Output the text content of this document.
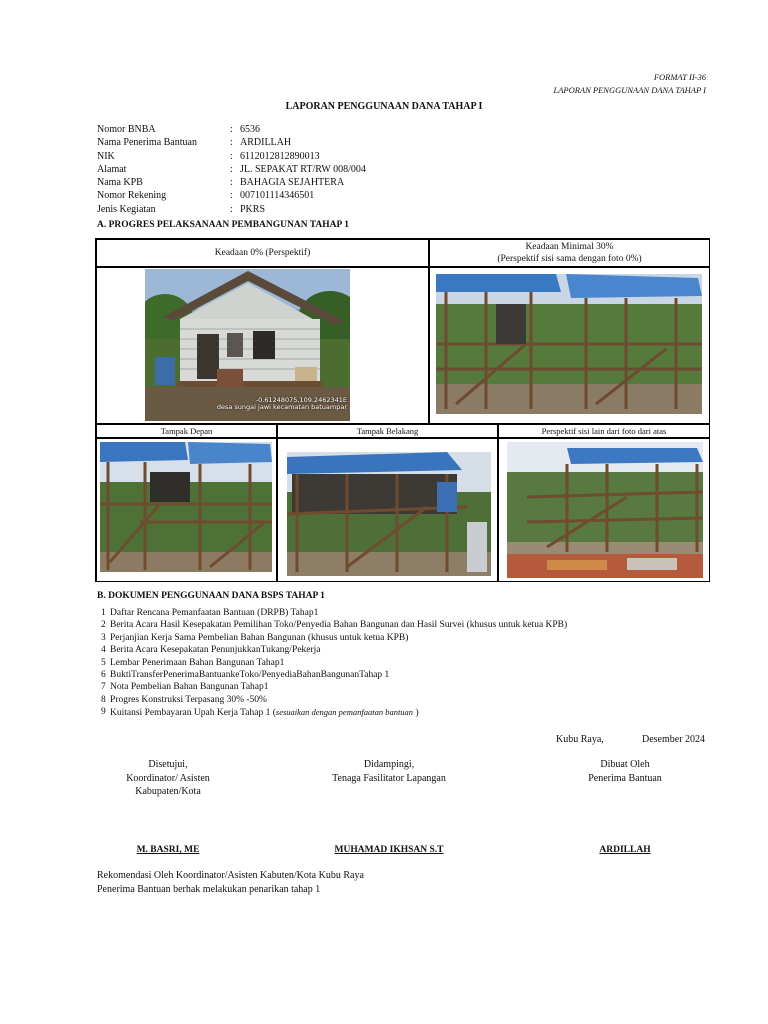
FORMAT II-36
LAPORAN PENGGUNAAN DANA TAHAP I
LAPORAN PENGGUNAAN DANA TAHAP I
Nomor BNBA	: 6536
Nama Penerima Bantuan	: ARDILLAH
NIK	: 6112012812890013
Alamat	: JL. SEPAKAT RT/RW 008/004
Nama KPB	: BAHAGIA SEJAHTERA
Nomor Rekening	: 007101114346501
Jenis Kegiatan	: PKRS
A. PROGRES PELAKSANAAN PEMBANGUNAN TAHAP 1
Keadaan 0% (Perspektif)
Keadaan Minimal 30%
(Perspektif sisi sama dengan foto 0%)
-0.61248075,109.2462341E
desa sungai jawi kecamatan batuampar
Tampak Depan	Tampak Belakang	Perspektif sisi lain dari foto dari atas
B. DOKUMEN PENGGUNAAN DANA BSPS TAHAP 1
1 Daftar Rencana Pemanfaatan Bantuan (DRPB) Tahap1
2 Berita Acara Hasil Kesepakatan Pemilihan Toko/Penyedia Bahan Bangunan dan Hasil Survei (khusus untuk ketua KPB)
3 Perjanjian Kerja Sama Pembelian Bahan Bangunan (khusus untuk ketua KPB)
4 Berita Acara Kesepakatan PenunjukkanTukang/Pekerja
5 Lembar Penerimaan Bahan Bangunan Tahap1
6 BuktiTransferPenerimaBantuankeToko/PenyediaBahanBangunanTahap 1
7 Nota Pembelian Bahan Bangunan Tahap1
8 Progres Konstruksi Terpasang 30% -50%
9 Kuitansi Pembayaran Upah Kerja Tahap 1 (sesuaikan dengan pemanfaatan bantuan )
Kubu Raya,	Desember 2024
Disetujui,
Koordinator/ Asisten
Kabupaten/Kota
Didampingi,
Tenaga Fasilitator Lapangan
Dibuat Oleh
Penerima Bantuan
M. BASRI, ME	MUHAMAD IKHSAN S.T	ARDILLAH
Rekomendasi Oleh Koordinator/Asisten Kabuten/Kota Kubu Raya
Penerima Bantuan berhak melakukan penarikan tahap 1
